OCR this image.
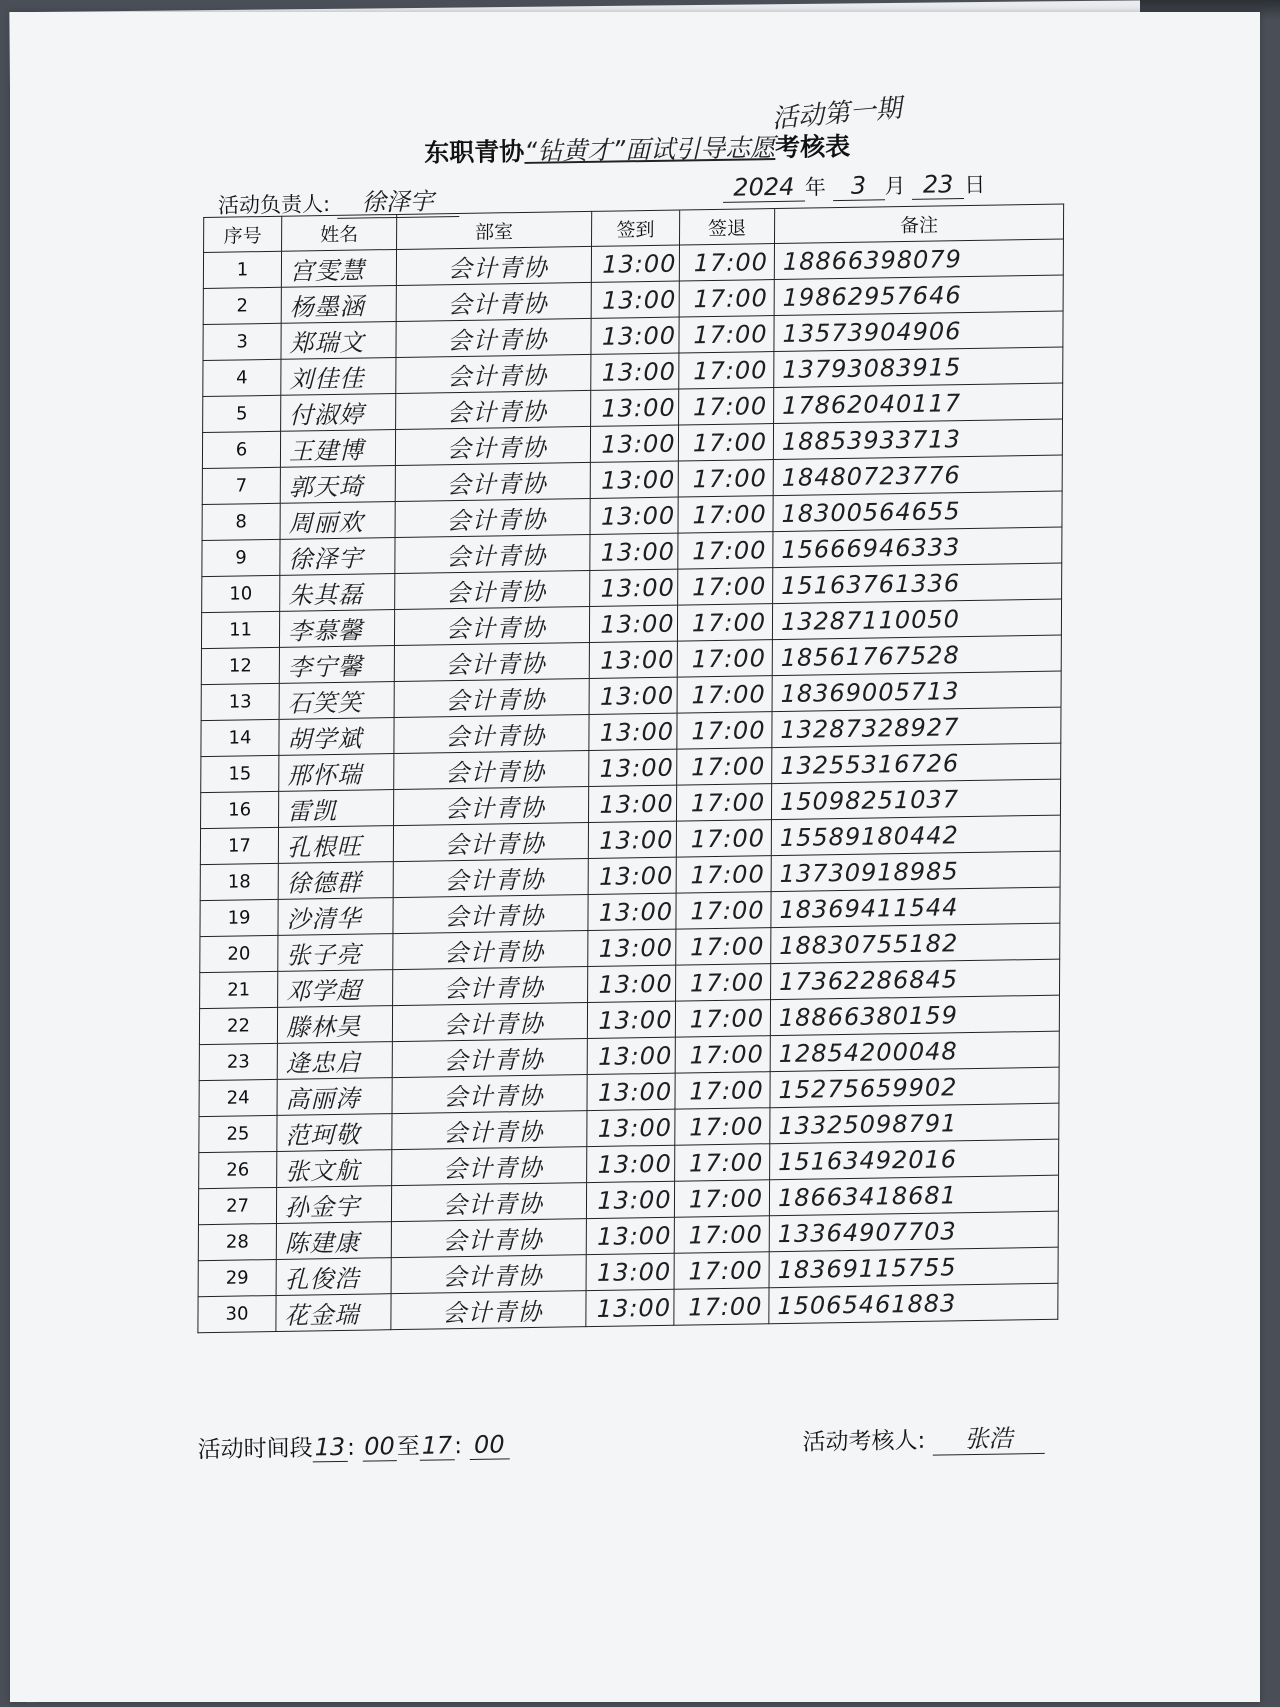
活动第一期
东职青协“钻黄才”面试引导志愿考核表
活动负责人: 徐泽宇
2024 年 3 月 23 日
序号	姓名	部室	签到	签退	备注
1	宫雯慧	会计青协	13:00	17:00	18866398079
2	杨墨涵	会计青协	13:00	17:00	19862957646
3	郑瑞文	会计青协	13:00	17:00	13573904906
4	刘佳佳	会计青协	13:00	17:00	13793083915
5	付淑婷	会计青协	13:00	17:00	17862040117
6	王建博	会计青协	13:00	17:00	18853933713
7	郭天琦	会计青协	13:00	17:00	18480723776
8	周丽欢	会计青协	13:00	17:00	18300564655
9	徐泽宇	会计青协	13:00	17:00	15666946333
10	朱其磊	会计青协	13:00	17:00	15163761336
11	李慕馨	会计青协	13:00	17:00	13287110050
12	李宁馨	会计青协	13:00	17:00	18561767528
13	石笑笑	会计青协	13:00	17:00	18369005713
14	胡学斌	会计青协	13:00	17:00	13287328927
15	邢怀瑞	会计青协	13:00	17:00	13255316726
16	雷凯	会计青协	13:00	17:00	15098251037
17	孔根旺	会计青协	13:00	17:00	15589180442
18	徐德群	会计青协	13:00	17:00	13730918985
19	沙清华	会计青协	13:00	17:00	18369411544
20	张子亮	会计青协	13:00	17:00	18830755182
21	邓学超	会计青协	13:00	17:00	17362286845
22	滕林昊	会计青协	13:00	17:00	18866380159
23	逄忠启	会计青协	13:00	17:00	12854200048
24	高丽涛	会计青协	13:00	17:00	15275659902
25	范珂敬	会计青协	13:00	17:00	13325098791
26	张文航	会计青协	13:00	17:00	15163492016
27	孙金宇	会计青协	13:00	17:00	18663418681
28	陈建康	会计青协	13:00	17:00	13364907703
29	孔俊浩	会计青协	13:00	17:00	18369115755
30	花金瑞	会计青协	13:00	17:00	15065461883
活动时间段13: 00至17: 00	活动考核人: 张浩
